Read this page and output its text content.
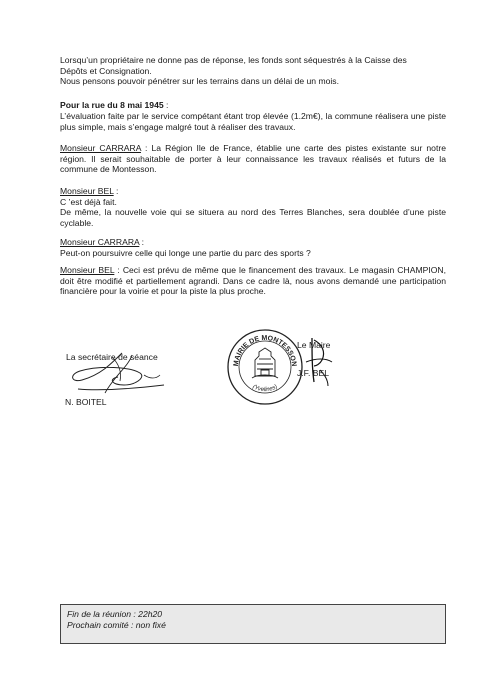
Lorsqu’un propriétaire ne donne pas de réponse, les fonds sont séquestrés à la Caisse des

Dépôts et Consignation.

Nous pensons pouvoir pénétrer sur les terrains dans un délai de un mois.

Pour la rue du 8 mai 1945 :

L’évaluation faite par le service compétant étant trop élevée (1.2m€), la commune réalisera une piste plus simple, mais s’engage malgré tout à réaliser des travaux.

Monsieur CARRARA : La Région Ile de France, établie une carte des pistes existante sur notre région. Il serait souhaitable de porter à leur connaissance les travaux réalisés et futurs de la commune de Montesson.

Monsieur BEL :

C ’est déjà fait.

De même, la nouvelle voie qui se situera au nord des Terres Blanches, sera doublée d’une piste cyclable.

Monsieur CARRARA :

Peut-on poursuivre celle qui longe une partie du parc des sports ?

Monsieur BEL : Ceci est prévu de même que le financement des travaux. Le magasin CHAMPION, doit être modifié et partiellement agrandi. Dans ce cadre là, nous avons demandé une participation financière pour la voirie et pour la piste la plus proche.

La secrétaire de séance
N. BOITEL
MAIRIE DE MONTESSON
(Yvelines)
Le Maire
J.F. BEL
Fin de la réunion : 22h20
Prochain comité : non fixé
